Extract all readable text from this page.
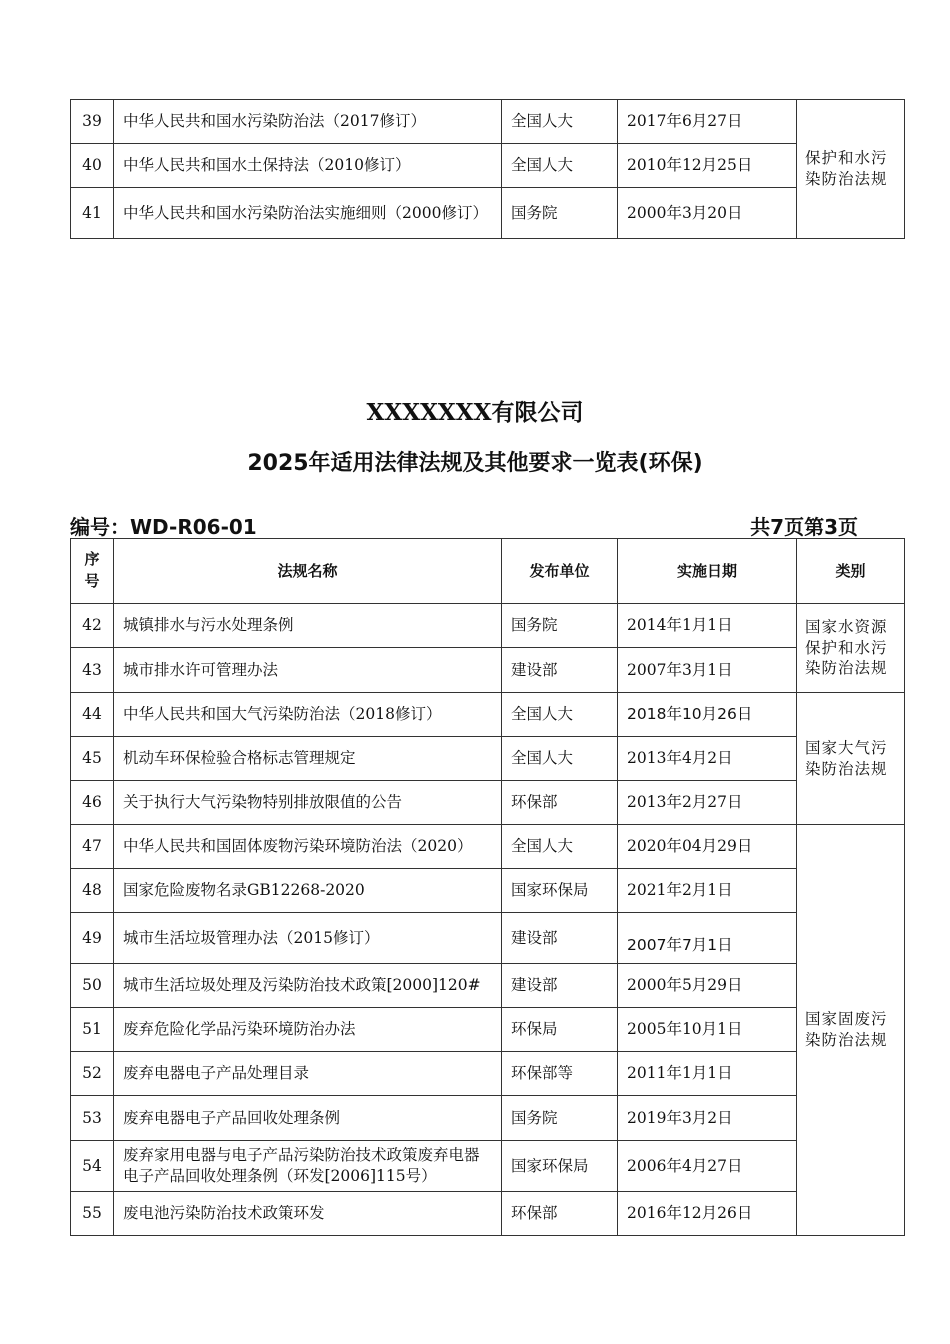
39	中华人民共和国水污染防治法（2017修订）	全国人大	2017年6月27日	保护和水污染防治法规
40	中华人民共和国水土保持法（2010修订）	全国人大	2010年12月25日	
41	中华人民共和国水污染防治法实施细则（2000修订）	国务院	2000年3月20日	
XXXXXXX有限公司
2025年适用法律法规及其他要求一览表(环保)
编号：WD-R06-01	共7页第3页
序号	法规名称	发布单位	实施日期	类别
42	城镇排水与污水处理条例	国务院	2014年1月1日	国家水资源保护和水污染防治法规
43	城市排水许可管理办法	建设部	2007年3月1日	
44	中华人民共和国大气污染防治法（2018修订）	全国人大	2018年10月26日	国家大气污染防治法规
45	机动车环保检验合格标志管理规定	全国人大	2013年4月2日	
46	关于执行大气污染物特别排放限值的公告	环保部	2013年2月27日	
47	中华人民共和国固体废物污染环境防治法（2020）	全国人大	2020年04月29日	国家固废污染防治法规
48	国家危险废物名录GB12268-2020	国家环保局	2021年2月1日	
49	城市生活垃圾管理办法（2015修订）	建设部	2007年7月1日	
50	城市生活垃圾处理及污染防治技术政策[2000]120#	建设部	2000年5月29日	
51	废弃危险化学品污染环境防治办法	环保局	2005年10月1日	
52	废弃电器电子产品处理目录	环保部等	2011年1月1日	
53	废弃电器电子产品回收处理条例	国务院	2019年3月2日	
54	废弃家用电器与电子产品污染防治技术政策废弃电器电子产品回收处理条例（环发[2006]115号）	国家环保局	2006年4月27日	
55	废电池污染防治技术政策环发	环保部	2016年12月26日	
